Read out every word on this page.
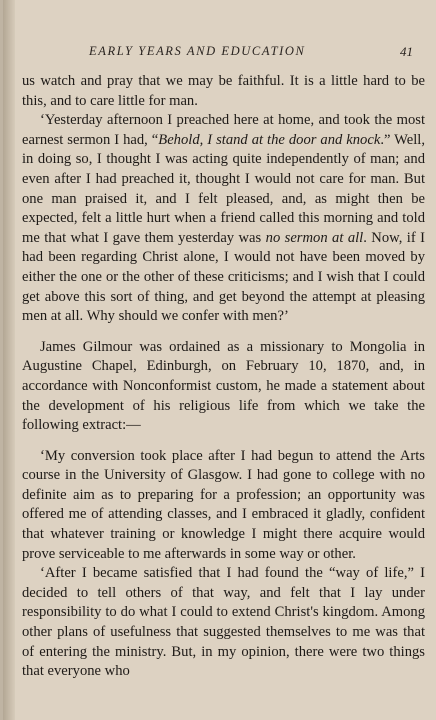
EARLY YEARS AND EDUCATION	41

us watch and pray that we may be faithful. It is a little hard to be this, and to care little for man.

‘Yesterday afternoon I preached here at home, and took the most earnest sermon I had, “Behold, I stand at the door and knock.” Well, in doing so, I thought I was acting quite independently of man; and even after I had preached it, thought I would not care for man. But one man praised it, and I felt pleased, and, as might then be expected, felt a little hurt when a friend called this morning and told me that what I gave them yesterday was no sermon at all. Now, if I had been regarding Christ alone, I would not have been moved by either the one or the other of these criticisms; and I wish that I could get above this sort of thing, and get beyond the attempt at pleasing men at all. Why should we confer with men?’

James Gilmour was ordained as a missionary to Mongolia in Augustine Chapel, Edinburgh, on February 10, 1870, and, in accordance with Nonconformist custom, he made a statement about the development of his religious life from which we take the following extract:—

‘My conversion took place after I had begun to attend the Arts course in the University of Glasgow. I had gone to college with no definite aim as to preparing for a profession; an opportunity was offered me of attending classes, and I embraced it gladly, confident that whatever training or knowledge I might there acquire would prove serviceable to me afterwards in some way or other.

‘After I became satisfied that I had found the “way of life,” I decided to tell others of that way, and felt that I lay under responsibility to do what I could to extend Christ's kingdom. Among other plans of usefulness that suggested themselves to me was that of entering the ministry. But, in my opinion, there were two things that everyone who
